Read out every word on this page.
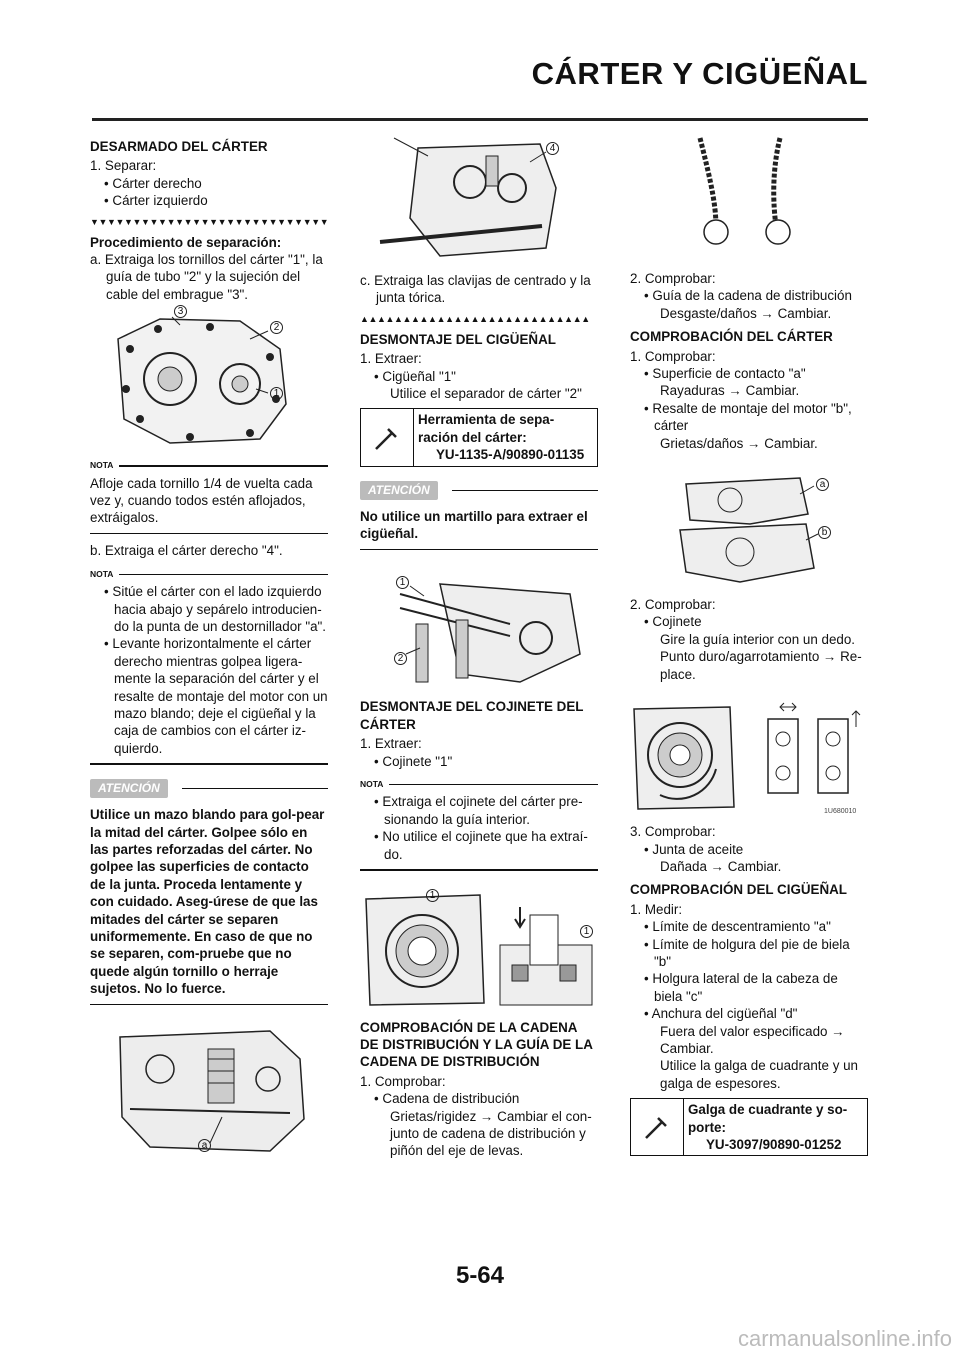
CÁRTER Y CIGÜEÑAL
DESARMADO DEL CÁRTER
1. Separar:
• Cárter derecho
• Cárter izquierdo
▼▼▼▼▼▼▼▼▼▼▼▼▼▼▼▼▼▼▼▼▼▼▼▼▼▼▼▼
Procedimiento de separación:
a. Extraiga los tornillos del cárter "1", la guía de tubo "2" y la sujeción del cable del embrague "3".
3
2
1
NOTA
Afloje cada tornillo 1/4 de vuelta cada vez y, cuando todos estén aflojados, extráigalos.
b. Extraiga el cárter derecho "4".
NOTA
• Sitúe el cárter con el lado izquierdo hacia abajo y sepárelo introducien-do la punta de un destornillador "a".
• Levante horizontalmente el cárter derecho mientras golpea ligera-mente la separación del cárter y el resalte de montaje del motor con un mazo blando; deje el cigüeñal y la caja de cambios con el cárter iz-quierdo.
ATENCIÓN
Utilice un mazo blando para gol-pear la mitad del cárter. Golpee sólo en las partes reforzadas del cárter. No golpee las superficies de contacto de la junta. Proceda lentamente y con cuidado. Aseg-úrese de que las mitades del cárter se separen uniformemente. En caso de que no se separen, com-pruebe que no quede algún tornillo o herraje sujetos. No lo fuerce.
a
4
c. Extraiga las clavijas de centrado y la junta tórica.
▲▲▲▲▲▲▲▲▲▲▲▲▲▲▲▲▲▲▲▲▲▲▲▲▲▲▲
DESMONTAJE DEL CIGÜEÑAL
1. Extraer:
• Cigüeñal "1"
Utilice el separador de cárter "2"
Herramienta de sepa-ración del cárter:
YU-1135-A/90890-01135
ATENCIÓN
No utilice un martillo para extraer el cigüeñal.
1
2
DESMONTAJE DEL COJINETE DEL CÁRTER
1. Extraer:
• Cojinete "1"
NOTA
• Extraiga el cojinete del cárter pre-sionando la guía interior.
• No utilice el cojinete que ha extraí-do.
1
1
COMPROBACIÓN DE LA CADENA DE DISTRIBUCIÓN Y LA GUÍA DE LA CADENA DE DISTRIBUCIÓN
1. Comprobar:
• Cadena de distribución
Grietas/rigidez → Cambiar el con-junto de cadena de distribución y piñón del eje de levas.
2. Comprobar:
• Guía de la cadena de distribución
Desgaste/daños → Cambiar.
COMPROBACIÓN DEL CÁRTER
1. Comprobar:
• Superficie de contacto "a"
Rayaduras → Cambiar.
• Resalte de montaje del motor "b", cárter
Grietas/daños → Cambiar.
a
b
2. Comprobar:
• Cojinete
Gire la guía interior con un dedo.
Punto duro/agarrotamiento → Re-place.
1U680010
3. Comprobar:
• Junta de aceite
Dañada → Cambiar.
COMPROBACIÓN DEL CIGÜEÑAL
1. Medir:
• Límite de descentramiento "a"
• Límite de holgura del pie de biela "b"
• Holgura lateral de la cabeza de biela "c"
• Anchura del cigüeñal "d"
Fuera del valor especificado → Cambiar.
Utilice la galga de cuadrante y un galga de espesores.
Galga de cuadrante y so-porte:
YU-3097/90890-01252
5-64
carmanualsonline.info
